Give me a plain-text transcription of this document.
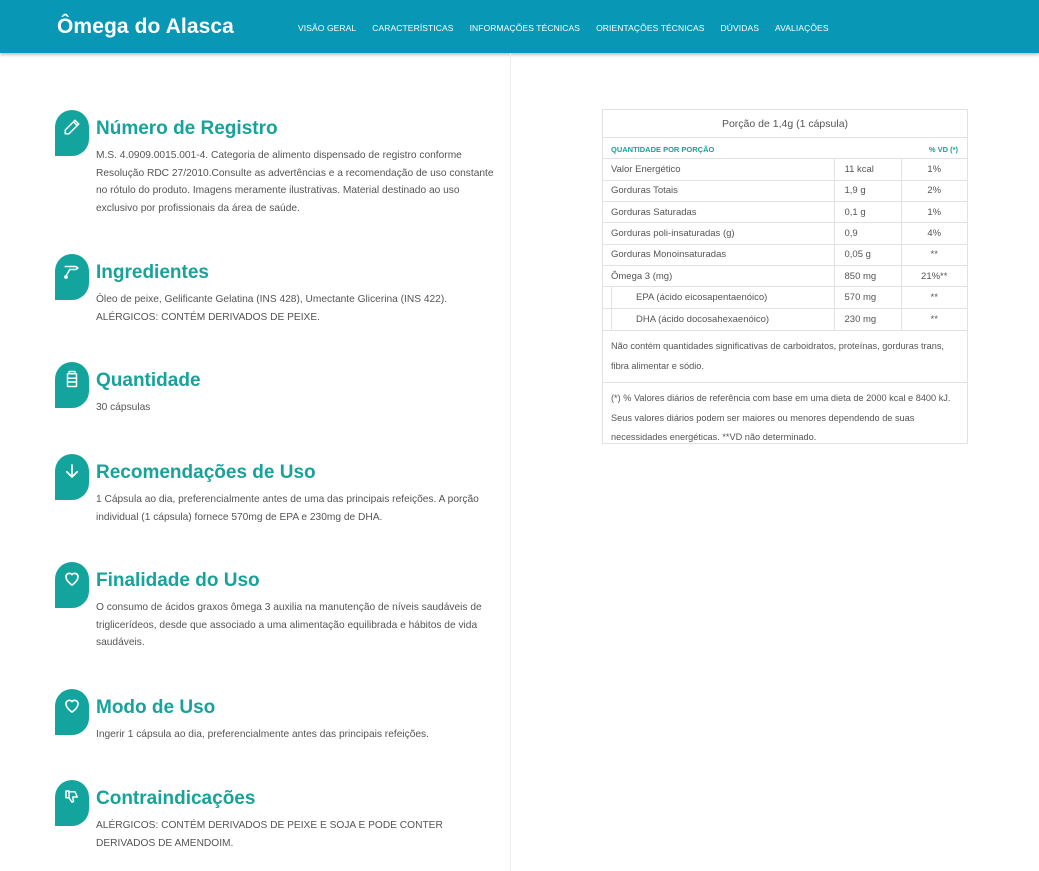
Ômega do Alasca	VISÃO GERAL CARACTERÍSTICAS INFORMAÇÕES TÉCNICAS ORIENTAÇÕES TÉCNICAS DÚVIDAS AVALIAÇÕES
Número de Registro
M.S. 4.0909.0015.001-4. Categoria de alimento dispensado de registro conforme Resolução RDC 27/2010.Consulte as advertências e a recomendação de uso constante no rótulo do produto. Imagens meramente ilustrativas. Material destinado ao uso exclusivo por profissionais da área de saúde.
Ingredientes
Óleo de peixe, Gelificante Gelatina (INS 428), Umectante Glicerina (INS 422). ALÉRGICOS: CONTÉM DERIVADOS DE PEIXE.
Quantidade
30 cápsulas
Recomendações de Uso
1 Cápsula ao dia, preferencialmente antes de uma das principais refeições. A porção individual (1 cápsula) fornece 570mg de EPA e 230mg de DHA.
Finalidade do Uso
O consumo de ácidos graxos ômega 3 auxilia na manutenção de níveis saudáveis de triglicerídeos, desde que associado a uma alimentação equilibrada e hábitos de vida saudáveis.
Modo de Uso
Ingerir 1 cápsula ao dia, preferencialmente antes das principais refeições.
Contraindicações
ALÉRGICOS: CONTÉM DERIVADOS DE PEIXE E SOJA E PODE CONTER DERIVADOS DE AMENDOIM.
Porção de 1,4g (1 cápsula)
QUANTIDADE POR PORÇÃO	% VD (*)
Valor Energético	11 kcal	1%
Gorduras Totais	1,9 g	2%
Gorduras Saturadas	0,1 g	1%
Gorduras poli-insaturadas (g)	0,9	4%
Gorduras Monoinsaturadas	0,05 g	**
Ômega 3 (mg)	850 mg	21%**

EPA (ácido eicosapentaenóico)	570 mg	**

DHA (ácido docosahexaenóico)	230 mg	**
Não contém quantidades significativas de carboidratos, proteínas, gorduras trans, fibra alimentar e sódio.
(*) % Valores diários de referência com base em uma dieta de 2000 kcal e 8400 kJ. Seus valores diários podem ser maiores ou menores dependendo de suas necessidades energéticas. **VD não determinado.
